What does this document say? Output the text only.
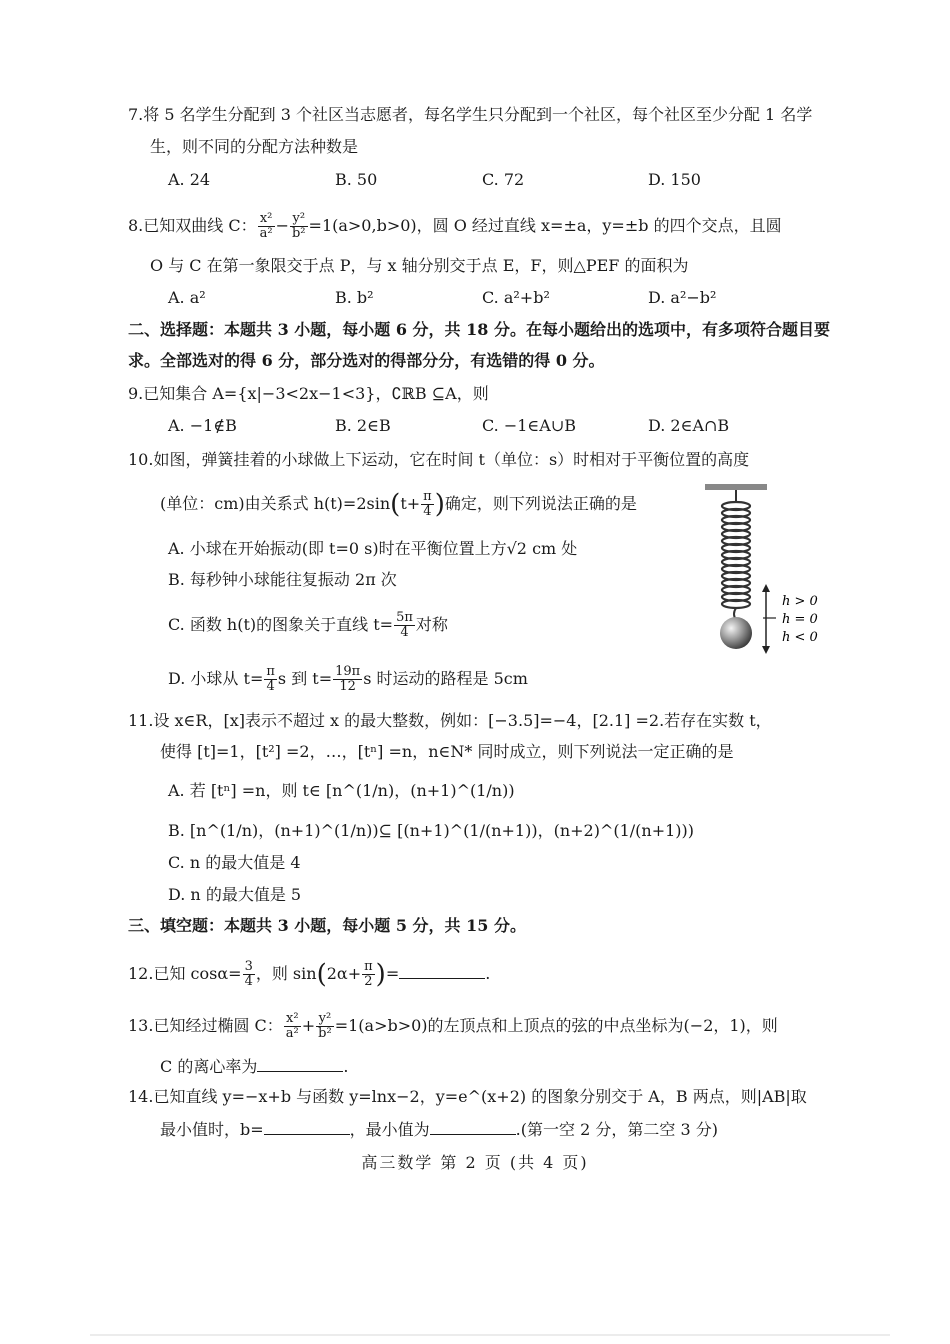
7.将 5 名学生分配到 3 个社区当志愿者，每名学生只分配到一个社区，每个社区至少分配 1 名学
生，则不同的分配方法种数是
A. 24	B. 50	C. 72	D. 150
8.已知双曲线 C： $\frac{\text{x²}}{\text{a²}} - \frac{\text{y²}}{\text{b²}} =1(a>0,b>0)$，圆 O 经过直线 x=±a，y=±b 的四个交点，且圆
O 与 C 在第一象限交于点 P，与 x 轴分别交于点 E，F，则△PEF 的面积为
A. a²	B. b²	C. a²+b²	D. a²−b²
二、选择题：本题共 3 小题，每小题 6 分，共 18 分。在每小题给出的选项中，有多项符合题目要
求。全部选对的得 6 分，部分选对的得部分分，有选错的得 0 分。
9.已知集合 A={x|−3<2x−1<3}，∁ℝB ⊆A，则
A. −1∉B	B. 2∈B	C. −1∈A∪B	D. 2∈A∩B
10.如图，弹簧挂着的小球做上下运动，它在时间 t（单位：s）时相对于平衡位置的高度
(单位：cm)由关系式 $h(t)=2\sin(t+ \frac{\pi}{4}$ )确定，则下列说法正确的是
A. 小球在开始振动(即 t=0 s)时在平衡位置上方√2 cm 处
B. 每秒钟小球能往复振动 2π 次
C. 函数 h(t)的图象关于直线 $t= \frac{5\pi}{4}$ 对称
D. 小球从 $t= \frac{\pi}{4}$ s 到 $t= \frac{19\pi}{12}$ s 时运动的路程是 5cm
h > 0
h = 0
h < 0
11.设 x∈R，[x]表示不超过 x 的最大整数，例如：[−3.5]=−4，[2.1] =2.若存在实数 t，
使得 [t]=1，[t²] =2，…，[tⁿ] =n，n∈N* 同时成立，则下列说法一定正确的是
A. 若 [tⁿ] =n，则 t∈ [n^(1/n)，(n+1)^(1/n))
B. [n^(1/n)，(n+1)^(1/n))⊆ [(n+1)^(1/(n+1))，(n+2)^(1/(n+1)))
C. n 的最大值是 4
D. n 的最大值是 5
三、填空题：本题共 3 小题，每小题 5 分，共 15 分。
12.已知 $\cos\alpha= \frac{3}{4}$ ，则 $\sin(2\alpha+ \frac{\pi}{2}$ )=	.
13.已知经过椭圆 C： $\frac{\text{x²}}{\text{a²}} + \frac{\text{y²}}{\text{b²}} =1(a>b>0)$的左顶点和上顶点的弦的中点坐标为(−2，1)，则
C 的离心率为	.
14.已知直线 y=−x+b 与函数 y=lnx−2，y=e^(x+2) 的图象分别交于 A，B 两点，则|AB|取
最小值时，b=	，最小值为	.(第一空 2 分，第二空 3 分)
高三数学 第 2 页 (共 4 页)
